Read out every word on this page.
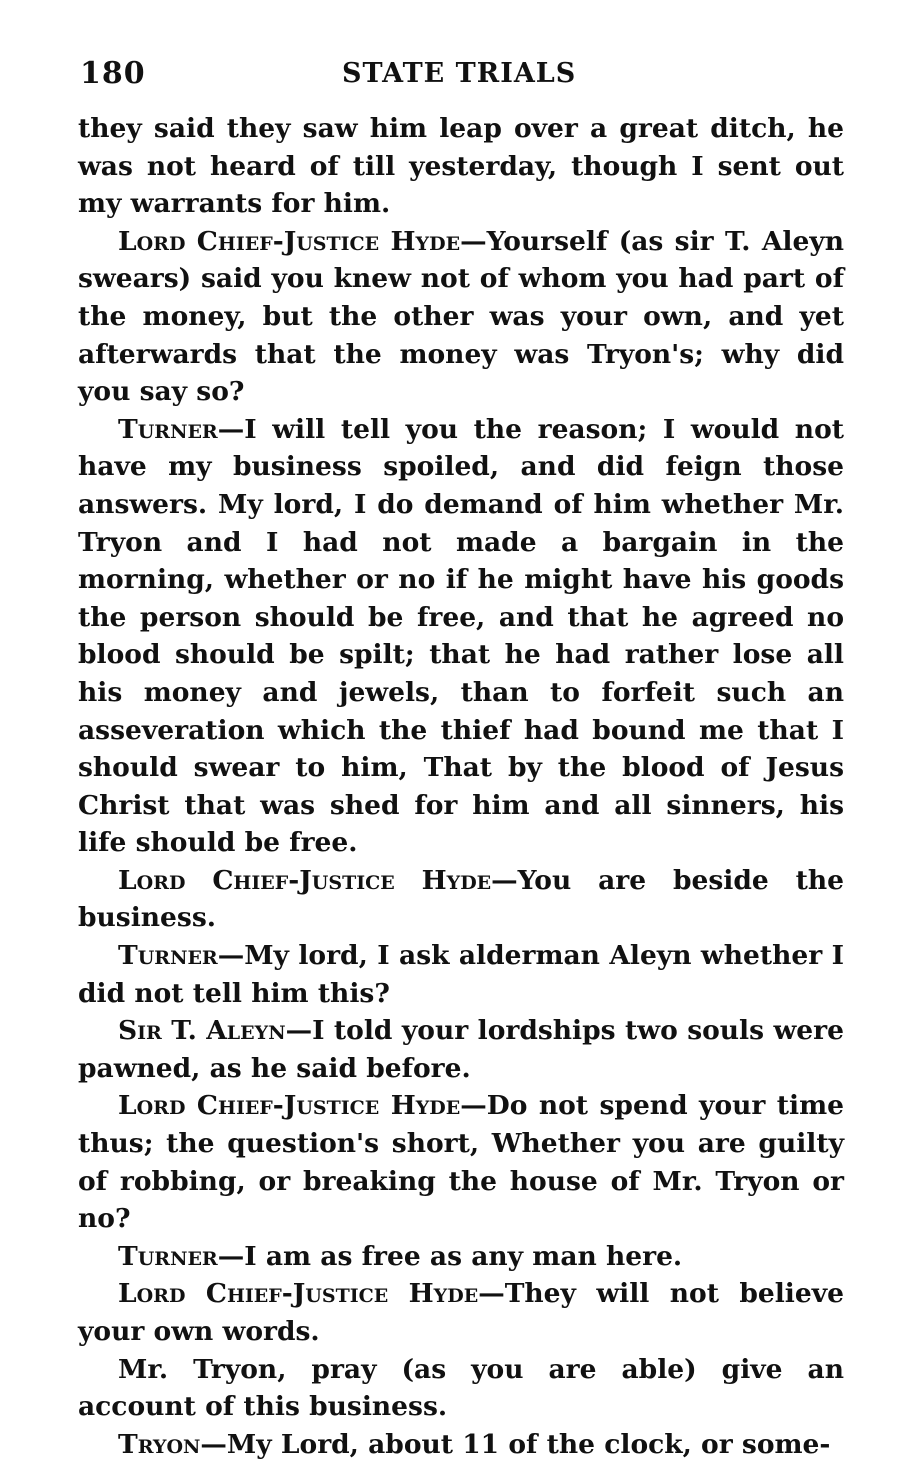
180	STATE TRIALS

they said they saw him leap over a great ditch, he was not heard of till yesterday, though I sent out my warrants for him.

Lord Chief-Justice Hyde—Yourself (as sir T. Aleyn swears) said you knew not of whom you had part of the money, but the other was your own, and yet afterwards that the money was Tryon's; why did you say so?

Turner—I will tell you the reason; I would not have my business spoiled, and did feign those answers. My lord, I do demand of him whether Mr. Tryon and I had not made a bargain in the morning, whether or no if he might have his goods the person should be free, and that he agreed no blood should be spilt; that he had rather lose all his money and jewels, than to forfeit such an asseveration which the thief had bound me that I should swear to him, That by the blood of Jesus Christ that was shed for him and all sinners, his life should be free.

Lord Chief-Justice Hyde—You are beside the business.

Turner—My lord, I ask alderman Aleyn whether I did not tell him this?

Sir T. Aleyn—I told your lordships two souls were pawned, as he said before.

Lord Chief-Justice Hyde—Do not spend your time thus; the question's short, Whether you are guilty of robbing, or breaking the house of Mr. Tryon or no?

Turner—I am as free as any man here.

Lord Chief-Justice Hyde—They will not believe your own words.

Mr. Tryon, pray (as you are able) give an account of this business.

Tryon—My Lord, about 11 of the clock, or some-
